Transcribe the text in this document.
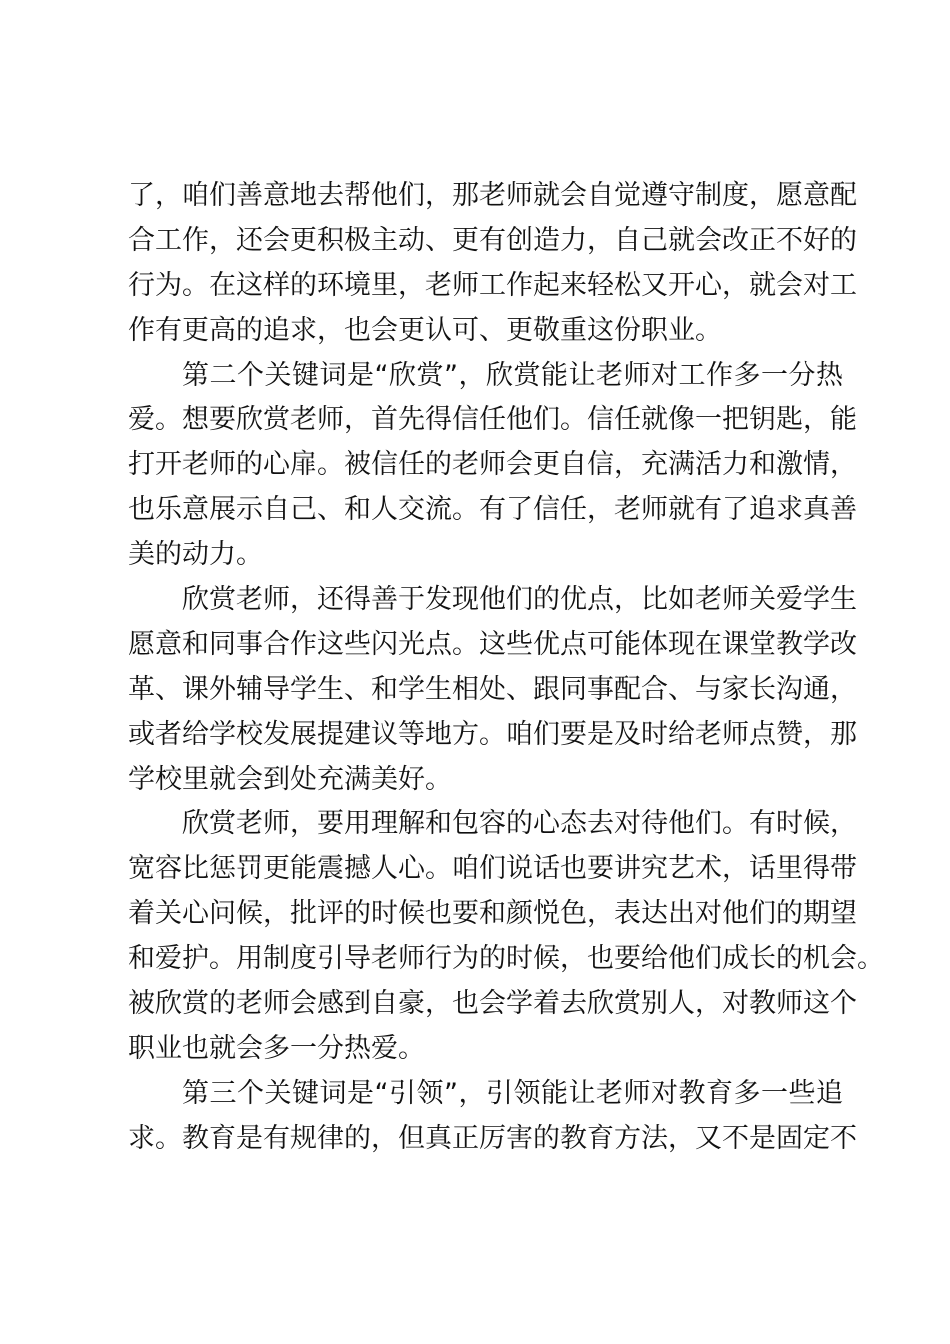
了，咱们善意地去帮他们，那老师就会自觉遵守制度，愿意配
合工作，还会更积极主动、更有创造力，自己就会改正不好的
行为。在这样的环境里，老师工作起来轻松又开心，就会对工
作有更高的追求，也会更认可、更敬重这份职业。
第二个关键词是“欣赏”，欣赏能让老师对工作多一分热
爱。想要欣赏老师，首先得信任他们。信任就像一把钥匙，能
打开老师的心扉。被信任的老师会更自信，充满活力和激情，
也乐意展示自己、和人交流。有了信任，老师就有了追求真善
美的动力。
欣赏老师，还得善于发现他们的优点，比如老师关爱学生
愿意和同事合作这些闪光点。这些优点可能体现在课堂教学改
革、课外辅导学生、和学生相处、跟同事配合、与家长沟通，
或者给学校发展提建议等地方。咱们要是及时给老师点赞，那
学校里就会到处充满美好。
欣赏老师，要用理解和包容的心态去对待他们。有时候，
宽容比惩罚更能震撼人心。咱们说话也要讲究艺术，话里得带
着关心问候，批评的时候也要和颜悦色，表达出对他们的期望
和爱护。用制度引导老师行为的时候，也要给他们成长的机会。
被欣赏的老师会感到自豪，也会学着去欣赏别人，对教师这个
职业也就会多一分热爱。
第三个关键词是“引领”，引领能让老师对教育多一些追
求。教育是有规律的，但真正厉害的教育方法，又不是固定不
